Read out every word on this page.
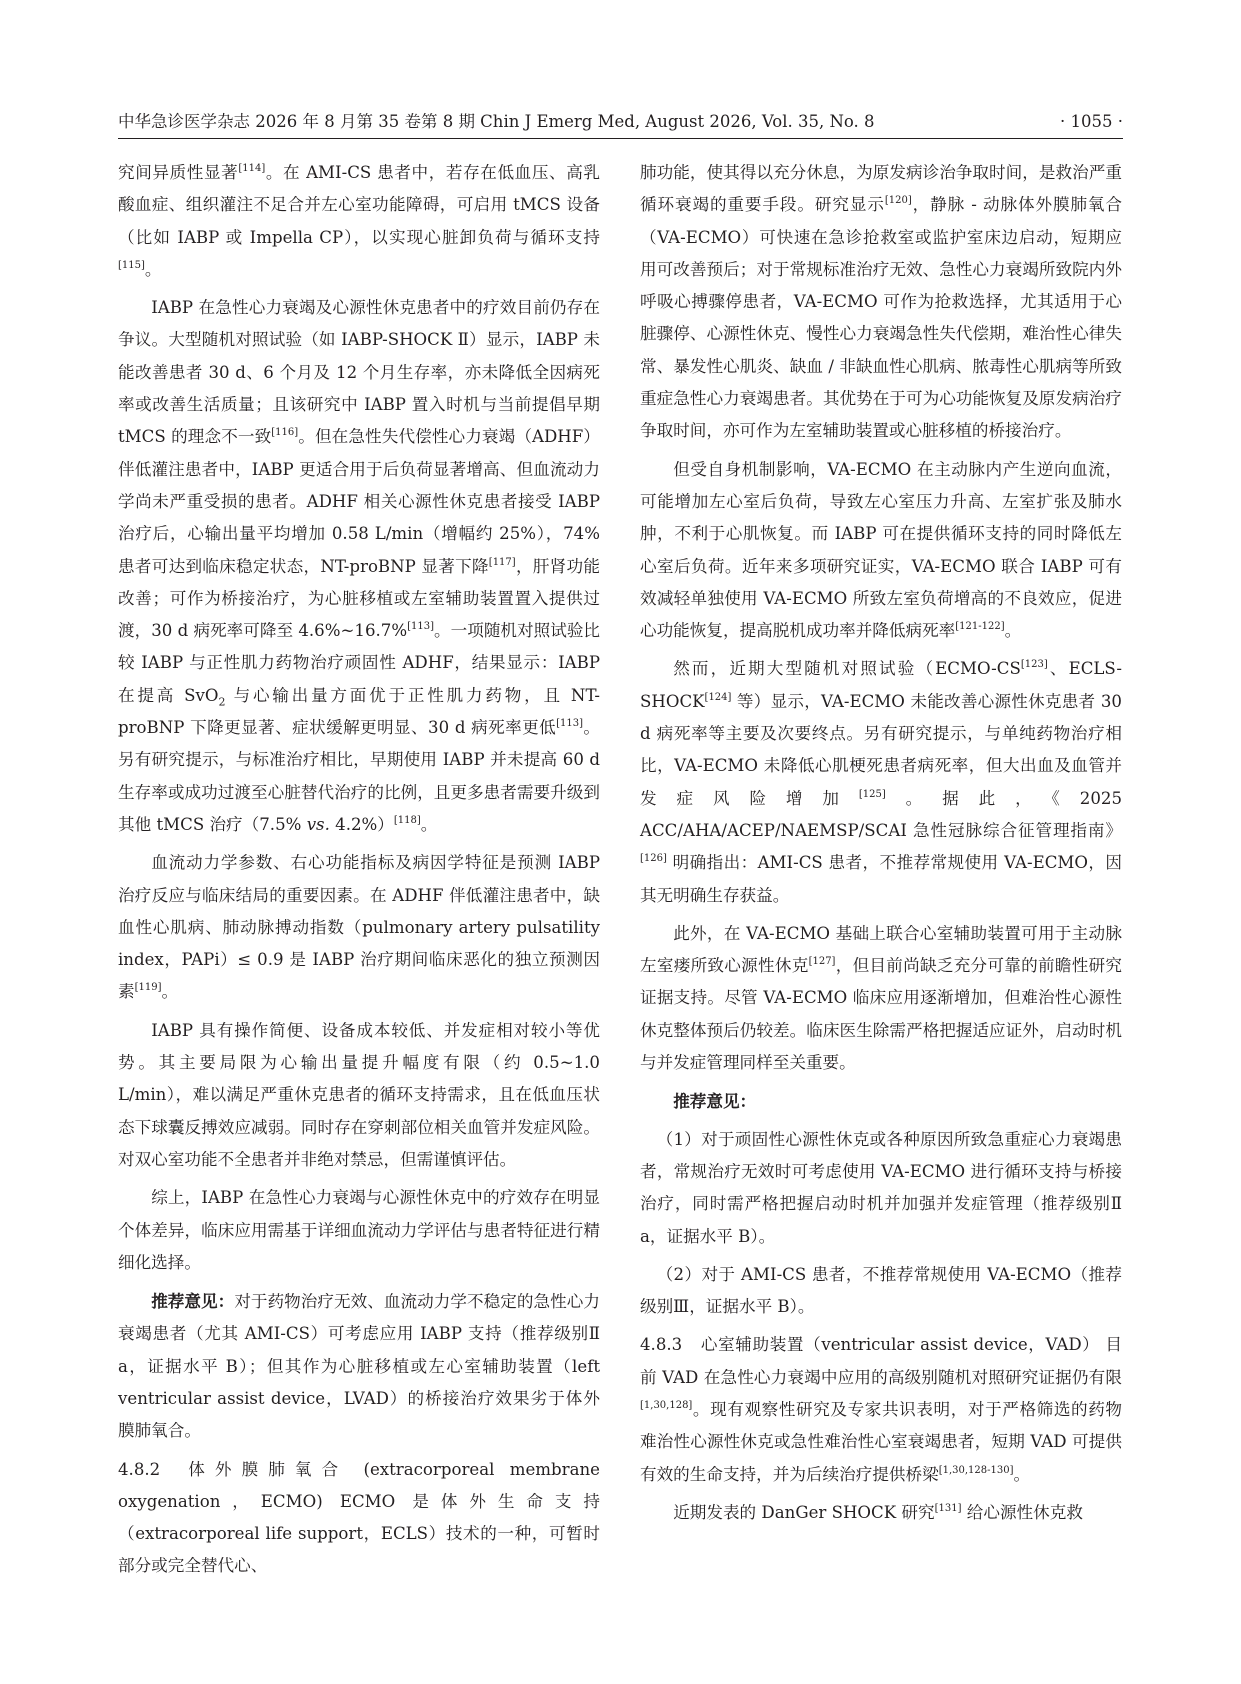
中华急诊医学杂志 2026 年 8 月第 35 卷第 8 期 Chin J Emerg Med, August 2026, Vol. 35, No. 8	· 1055 ·

究间异质性显著[114]。在 AMI-CS 患者中，若存在低血压、高乳酸血症、组织灌注不足合并左心室功能障碍，可启用 tMCS 设备（比如 IABP 或 Impella CP），以实现心脏卸负荷与循环支持[115]。

IABP 在急性心力衰竭及心源性休克患者中的疗效目前仍存在争议。大型随机对照试验（如 IABP-SHOCK Ⅱ）显示，IABP 未能改善患者 30 d、6 个月及 12 个月生存率，亦未降低全因病死率或改善生活质量；且该研究中 IABP 置入时机与当前提倡早期 tMCS 的理念不一致[116]。但在急性失代偿性心力衰竭（ADHF）伴低灌注患者中，IABP 更适合用于后负荷显著增高、但血流动力学尚未严重受损的患者。ADHF 相关心源性休克患者接受 IABP 治疗后，心输出量平均增加 0.58 L/min（增幅约 25%），74% 患者可达到临床稳定状态，NT-proBNP 显著下降[117]，肝肾功能改善；可作为桥接治疗，为心脏移植或左室辅助装置置入提供过渡，30 d 病死率可降至 4.6%~16.7%[113]。一项随机对照试验比较 IABP 与正性肌力药物治疗顽固性 ADHF，结果显示：IABP 在提高 SvO$_2$ 与心输出量方面优于正性肌力药物，且 NT-proBNP 下降更显著、症状缓解更明显、30 d 病死率更低[113]。另有研究提示，与标准治疗相比，早期使用 IABP 并未提高 60 d 生存率或成功过渡至心脏替代治疗的比例，且更多患者需要升级到其他 tMCS 治疗（7.5% vs. 4.2%）[118]。

血流动力学参数、右心功能指标及病因学特征是预测 IABP 治疗反应与临床结局的重要因素。在 ADHF 伴低灌注患者中，缺血性心肌病、肺动脉搏动指数（pulmonary artery pulsatility index，PAPi）≤ 0.9 是 IABP 治疗期间临床恶化的独立预测因素[119]。

IABP 具有操作简便、设备成本较低、并发症相对较小等优势。其主要局限为心输出量提升幅度有限（约 0.5~1.0 L/min），难以满足严重休克患者的循环支持需求，且在低血压状态下球囊反搏效应减弱。同时存在穿刺部位相关血管并发症风险。对双心室功能不全患者并非绝对禁忌，但需谨慎评估。

综上，IABP 在急性心力衰竭与心源性休克中的疗效存在明显个体差异，临床应用需基于详细血流动力学评估与患者特征进行精细化选择。

推荐意见：对于药物治疗无效、血流动力学不稳定的急性心力衰竭患者（尤其 AMI-CS）可考虑应用 IABP 支持（推荐级别Ⅱ a，证据水平 B）；但其作为心脏移植或左心室辅助装置（left ventricular assist device，LVAD）的桥接治疗效果劣于体外膜肺氧合。

4.8.2 体外膜肺氧合 (extracorporeal membrane oxygenation，ECMO) ECMO 是体外生命支持（extracorporeal life support，ECLS）技术的一种，可暂时部分或完全替代心、

肺功能，使其得以充分休息，为原发病诊治争取时间，是救治严重循环衰竭的重要手段。研究显示[120]，静脉 - 动脉体外膜肺氧合（VA-ECMO）可快速在急诊抢救室或监护室床边启动，短期应用可改善预后；对于常规标准治疗无效、急性心力衰竭所致院内外呼吸心搏骤停患者，VA-ECMO 可作为抢救选择，尤其适用于心脏骤停、心源性休克、慢性心力衰竭急性失代偿期，难治性心律失常、暴发性心肌炎、缺血 / 非缺血性心肌病、脓毒性心肌病等所致重症急性心力衰竭患者。其优势在于可为心功能恢复及原发病治疗争取时间，亦可作为左室辅助装置或心脏移植的桥接治疗。

但受自身机制影响，VA-ECMO 在主动脉内产生逆向血流，可能增加左心室后负荷，导致左心室压力升高、左室扩张及肺水肿，不利于心肌恢复。而 IABP 可在提供循环支持的同时降低左心室后负荷。近年来多项研究证实，VA-ECMO 联合 IABP 可有效减轻单独使用 VA-ECMO 所致左室负荷增高的不良效应，促进心功能恢复，提高脱机成功率并降低病死率[121-122]。

然而，近期大型随机对照试验（ECMO-CS[123]、ECLS-SHOCK[124] 等）显示，VA-ECMO 未能改善心源性休克患者 30 d 病死率等主要及次要终点。另有研究提示，与单纯药物治疗相比，VA-ECMO 未降低心肌梗死患者病死率，但大出血及血管并发症风险增加[125]。据此，《2025 ACC/AHA/ACEP/NAEMSP/SCAI 急性冠脉综合征管理指南》[126] 明确指出：AMI-CS 患者，不推荐常规使用 VA-ECMO，因其无明确生存获益。

此外，在 VA-ECMO 基础上联合心室辅助装置可用于主动脉左室瘘所致心源性休克[127]，但目前尚缺乏充分可靠的前瞻性研究证据支持。尽管 VA-ECMO 临床应用逐渐增加，但难治性心源性休克整体预后仍较差。临床医生除需严格把握适应证外，启动时机与并发症管理同样至关重要。

推荐意见：

（1）对于顽固性心源性休克或各种原因所致急重症心力衰竭患者，常规治疗无效时可考虑使用 VA-ECMO 进行循环支持与桥接治疗，同时需严格把握启动时机并加强并发症管理（推荐级别Ⅱ a，证据水平 B）。

（2）对于 AMI-CS 患者，不推荐常规使用 VA-ECMO（推荐级别Ⅲ，证据水平 B）。

4.8.3 心室辅助装置（ventricular assist device，VAD） 目前 VAD 在急性心力衰竭中应用的高级别随机对照研究证据仍有限[1,30,128]。现有观察性研究及专家共识表明，对于严格筛选的药物难治性心源性休克或急性难治性心室衰竭患者，短期 VAD 可提供有效的生命支持，并为后续治疗提供桥梁[1,30,128-130]。

近期发表的 DanGer SHOCK 研究[131] 给心源性休克救
